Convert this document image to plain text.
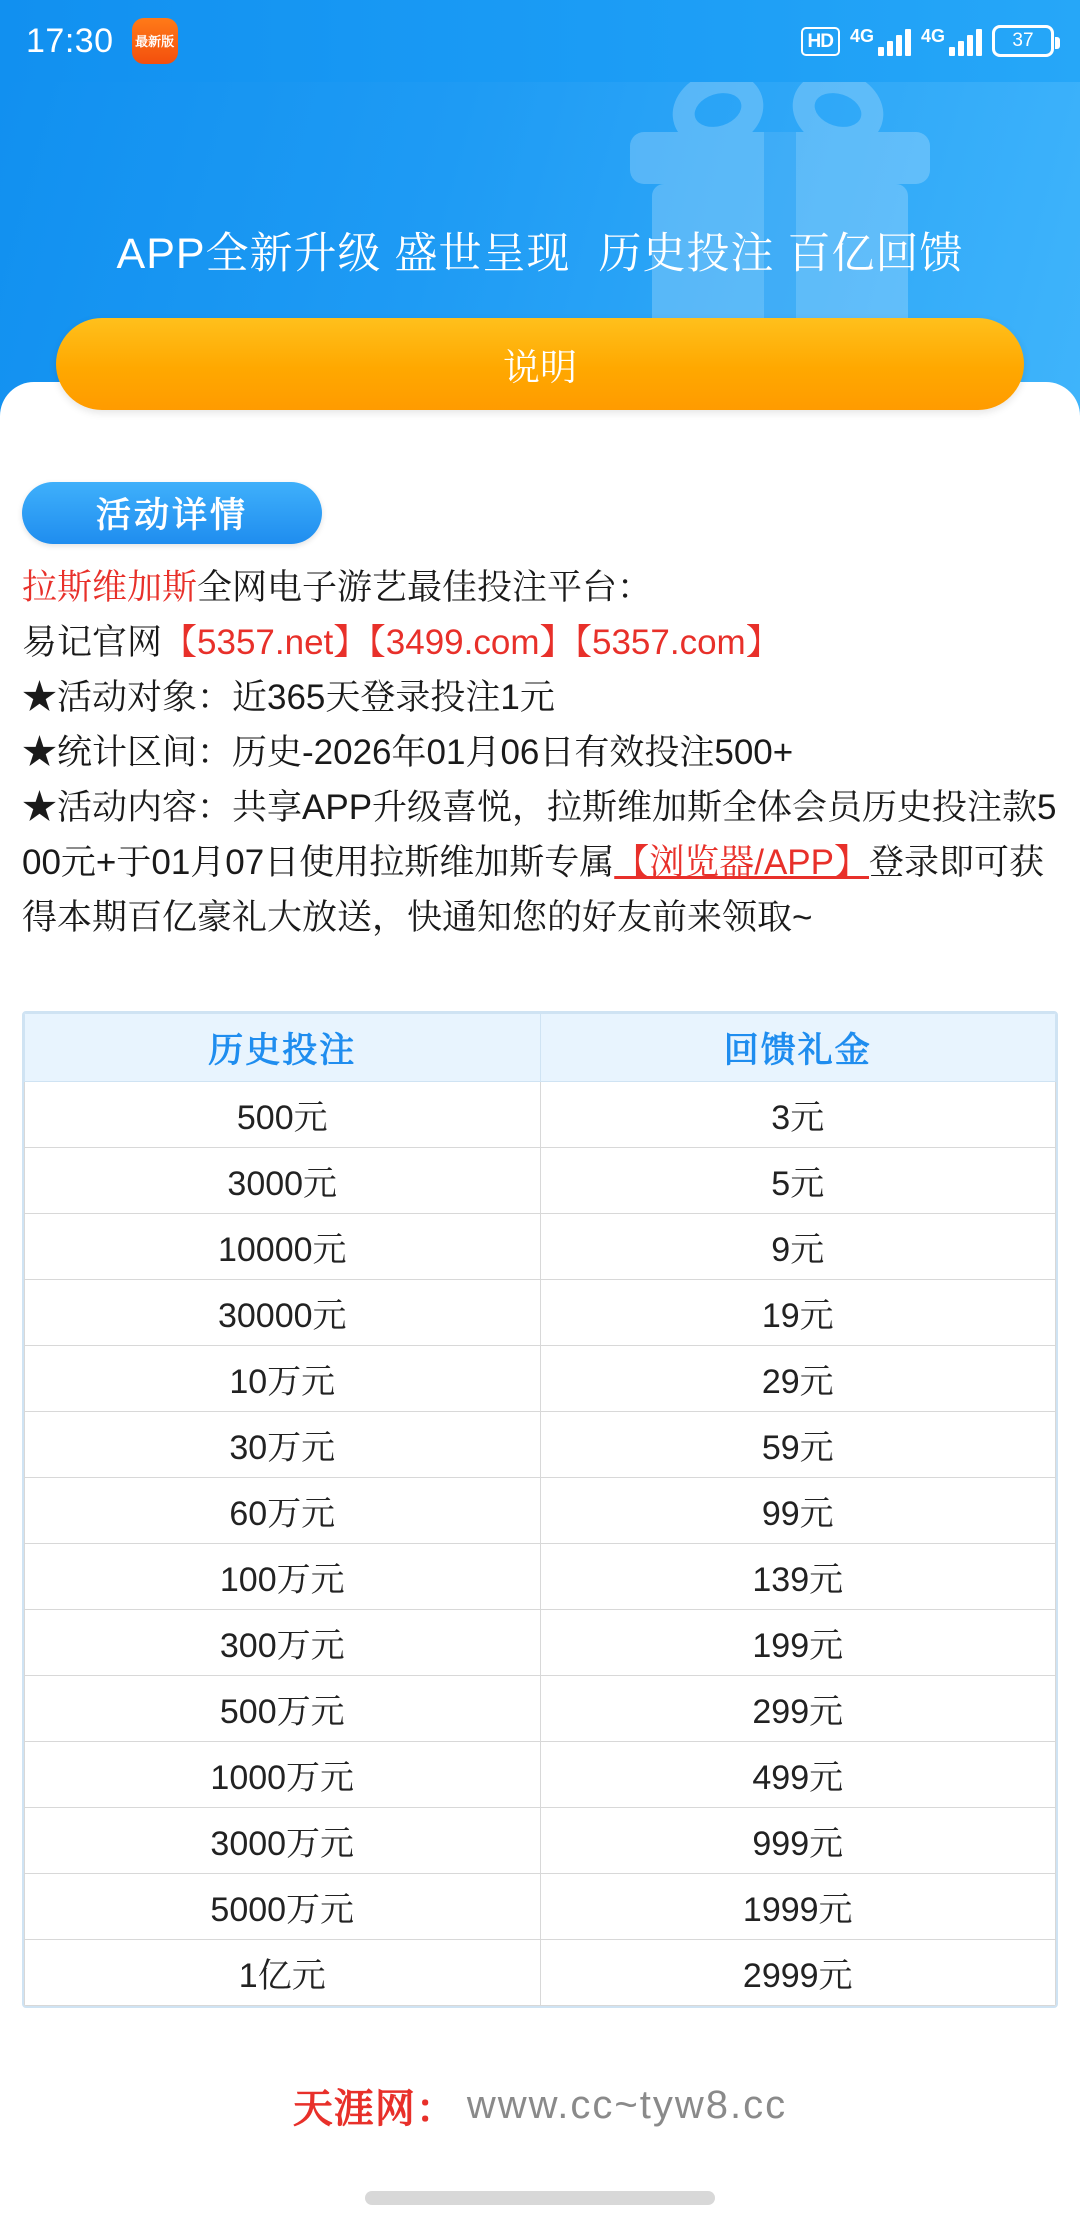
17:30 最新版	HD 4G	4G	37
APP全新升级 盛世呈现 历史投注 百亿回馈
说明
活动详情
拉斯维加斯全网电子游艺最佳投注平台：
易记官网【5357.net】【3499.com】【5357.com】
★活动对象：近365天登录投注1元
★统计区间：历史-2026年01月06日有效投注500+
★活动内容：共享APP升级喜悦，拉斯维加斯全体会员历史投注款500元+于01月07日使用拉斯维加斯专属【浏览器/APP】登录即可获得本期百亿豪礼大放送，快通知您的好友前来领取~
历史投注	回馈礼金
500元	3元
3000元	5元
10000元	9元
30000元	19元
10万元	29元
30万元	59元
60万元	99元
100万元	139元
300万元	199元
500万元	299元
1000万元	499元
3000万元	999元
5000万元	1999元
1亿元	2999元
天涯网： www.cc~tyw8.cc
